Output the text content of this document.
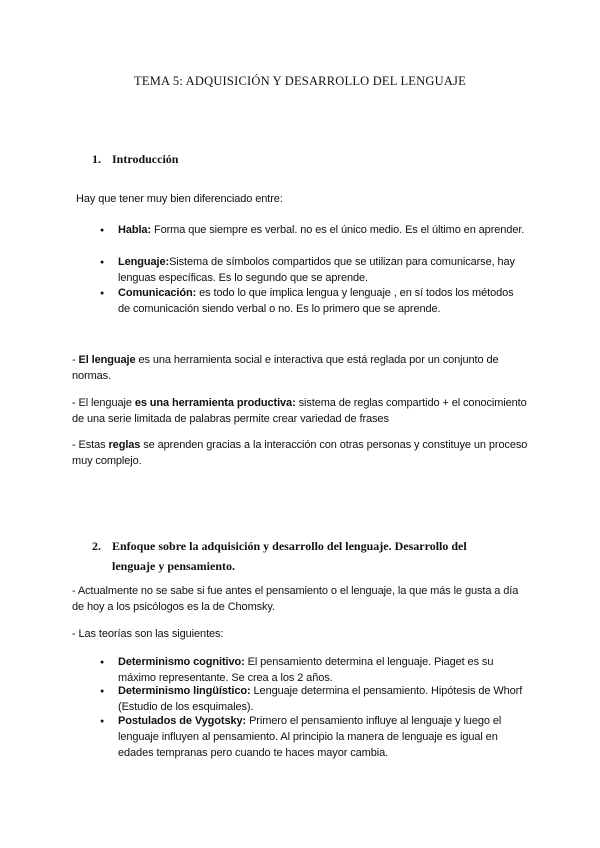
TEMA 5: ADQUISICIÓN Y DESARROLLO DEL LENGUAJE
1. Introducción
Hay que tener muy bien diferenciado entre:
● Habla: Forma que siempre es verbal. no es el único medio. Es el último en aprender.
● Lenguaje:Sistema de símbolos compartidos que se utilizan para comunicarse, hay lenguas específicas. Es lo segundo que se aprende.
● Comunicación: es todo lo que implica lengua y lenguaje , en sí todos los métodos de comunicación siendo verbal o no. Es lo primero que se aprende.
- El lenguaje es una herramienta social e interactiva que está reglada por un conjunto de normas.
- El lenguaje es una herramienta productiva: sistema de reglas compartido + el conocimiento de una serie limitada de palabras permite crear variedad de frases
- Estas reglas se aprenden gracias a la interacción con otras personas y constituye un proceso muy complejo.
2. Enfoque sobre la adquisición y desarrollo del lenguaje. Desarrollo del
lenguaje y pensamiento.
- Actualmente no se sabe si fue antes el pensamiento o el lenguaje, la que más le gusta a día de hoy a los psicólogos es la de Chomsky.
- Las teorías son las siguientes:
● Determinismo cognitivo: El pensamiento determina el lenguaje. Piaget es su máximo representante. Se crea a los 2 años.
● Determinismo lingüístico: Lenguaje determina el pensamiento. Hipótesis de Whorf (Estudio de los esquimales).
● Postulados de Vygotsky: Primero el pensamiento influye al lenguaje y luego el lenguaje influyen al pensamiento. Al principio la manera de lenguaje es igual en edades tempranas pero cuando te haces mayor cambia.
